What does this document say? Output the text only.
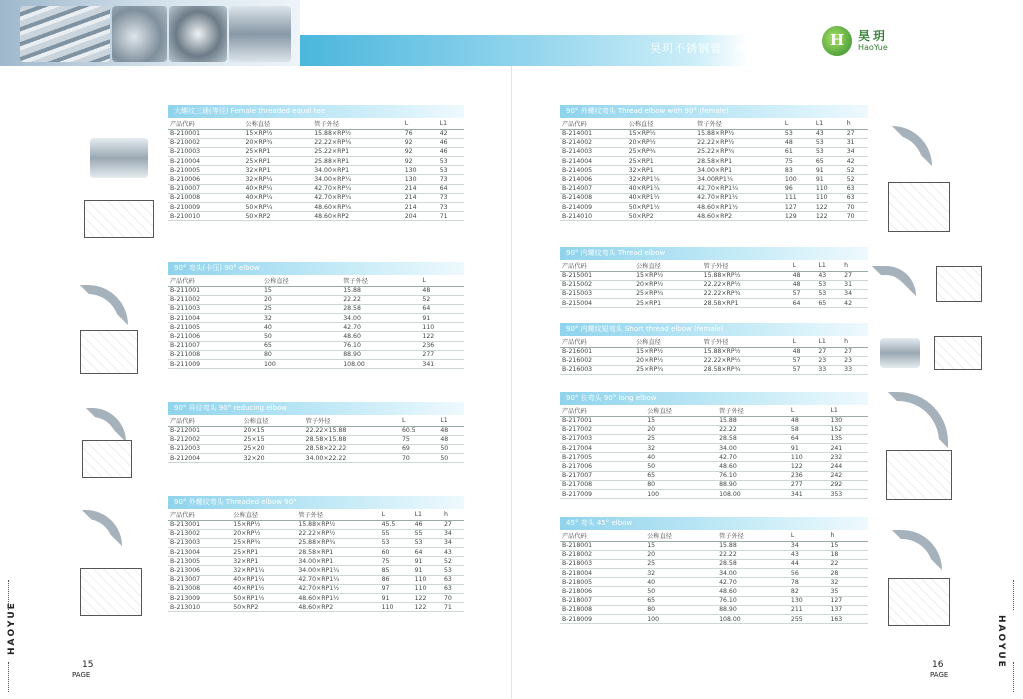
昊玥不锈钢管 · 创享品质生活 H 昊玥
HaoYue
大螺纹三通(等径) Female threaded equal tee
产品代码	公称直径	管子外径	L	L1
B-210001	15×RP½	15.88×RP½	76	42
B-210002	20×RP¾	22.22×RP¾	92	46
B-210003	25×RP1	25.22×RP1	92	46
B-210004	25×RP1	25.88×RP1	92	53
B-210005	32×RP1	34.00×RP1	130	53
B-210006	32×RP¼	34.00×RP¼	130	73
B-210007	40×RP¼	42.70×RP¼	214	64
B-210008	40×RP¼	42.70×RP¼	214	73
B-210009	50×RP¼	48.60×RP¼	214	73
B-210010	50×RP2	48.60×RP2	204	71
90° 弯头(卡压) 90° elbow
产品代码	公称直径	管子外径	L
B-211001	15	15.88	48
B-211002	20	22.22	52
B-211003	25	28.58	64
B-211004	32	34.00	91
B-211005	40	42.70	110
B-211006	50	48.60	122
B-211007	65	76.10	236
B-211008	80	88.90	277
B-211009	100	108.00	341
90° 异径弯头 90° reducing elbow
产品代码	公称直径	管子外径	L	L1
B-212001	20×15	22.22×15.88	60.5	48
B-212002	25×15	28.58×15.88	75	48
B-212003	25×20	28.58×22.22	69	50
B-212004	32×20	34.00×22.22	70	50
90° 外螺纹弯头 Threaded elbow 90°
产品代码	公称直径	管子外径	L	L1	h
B-213001	15×RP½	15.88×RP½	45.5	46	27
B-213002	20×RP½	22.22×RP½	55	55	34
B-213003	25×RP¾	25.88×RP¾	53	53	34
B-213004	25×RP1	28.58×RP1	60	64	43
B-213005	32×RP1	34.00×RP1	75	91	52
B-213006	32×RP1¼	34.00×RP1¼	85	91	53
B-213007	40×RP1¼	42.70×RP1¼	86	110	63
B-213008	40×RP1½	42.70×RP1½	97	110	63
B-213009	50×RP1½	48.60×RP1½	91	122	70
B-213010	50×RP2	48.60×RP2	110	122	71
90° 外螺纹弯头 Thread elbow with 90° (female)
产品代码	公称直径	管子外径	L	L1	h
B-214001	15×RP½	15.88×RP½	53	43	27
B-214002	20×RP½	22.22×RP½	48	53	31
B-214003	25×RP¾	25.22×RP¾	61	53	34
B-214004	25×RP1	28.58×RP1	75	65	42
B-214005	32×RP1	34.00×RP1	83	91	52
B-214006	32×RP1¼	34.00RP1¼	100	91	52
B-214007	40×RP1¼	42.70×RP1¼	96	110	63
B-214008	40×RP1½	42.70×RP1½	111	110	63
B-214009	50×RP1½	48.60×RP1½	127	122	70
B-214010	50×RP2	48.60×RP2	129	122	70
90° 内螺纹弯头 Thread elbow
产品代码	公称直径	管子外径	L	L1	h
B-215001	15×RP½	15.88×RP½	48	43	27
B-215002	20×RP½	22.22×RP½	48	53	31
B-215003	25×RP¾	22.22×RP¾	57	53	34
B-215004	25×RP1	28.58×RP1	64	65	42
90° 内螺纹短弯头 Short thread elbow (female)
产品代码	公称直径	管子外径	L	L1	h
B-216001	15×RP½	15.88×RP½	48	27	27
B-216002	20×RP½	22.22×RP½	57	23	23
B-216003	25×RP¾	28.58×RP¾	57	33	33
90° 长弯头 90° long elbow
产品代码	公称直径	管子外径	L	L1
B-217001	15	15.88	48	130
B-217002	20	22.22	58	152
B-217003	25	28.58	64	135
B-217004	32	34.00	91	241
B-217005	40	42.70	110	232
B-217006	50	48.60	122	244
B-217007	65	76.10	236	242
B-217008	80	88.90	277	292
B-217009	100	108.00	341	353
45° 弯头 45° elbow
产品代码	公称直径	管子外径	L	h
B-218001	15	15.88	34	15
B-218002	20	22.22	43	18
B-218003	25	28.58	44	22
B-218004	32	34.00	56	28
B-218005	40	42.70	78	32
B-218006	50	48.60	82	35
B-218007	65	76.10	130	127
B-218008	80	88.90	211	137
B-218009	100	108.00	255	163
HAOYUE
15
PAGE
HAOYUE
16
PAGE
